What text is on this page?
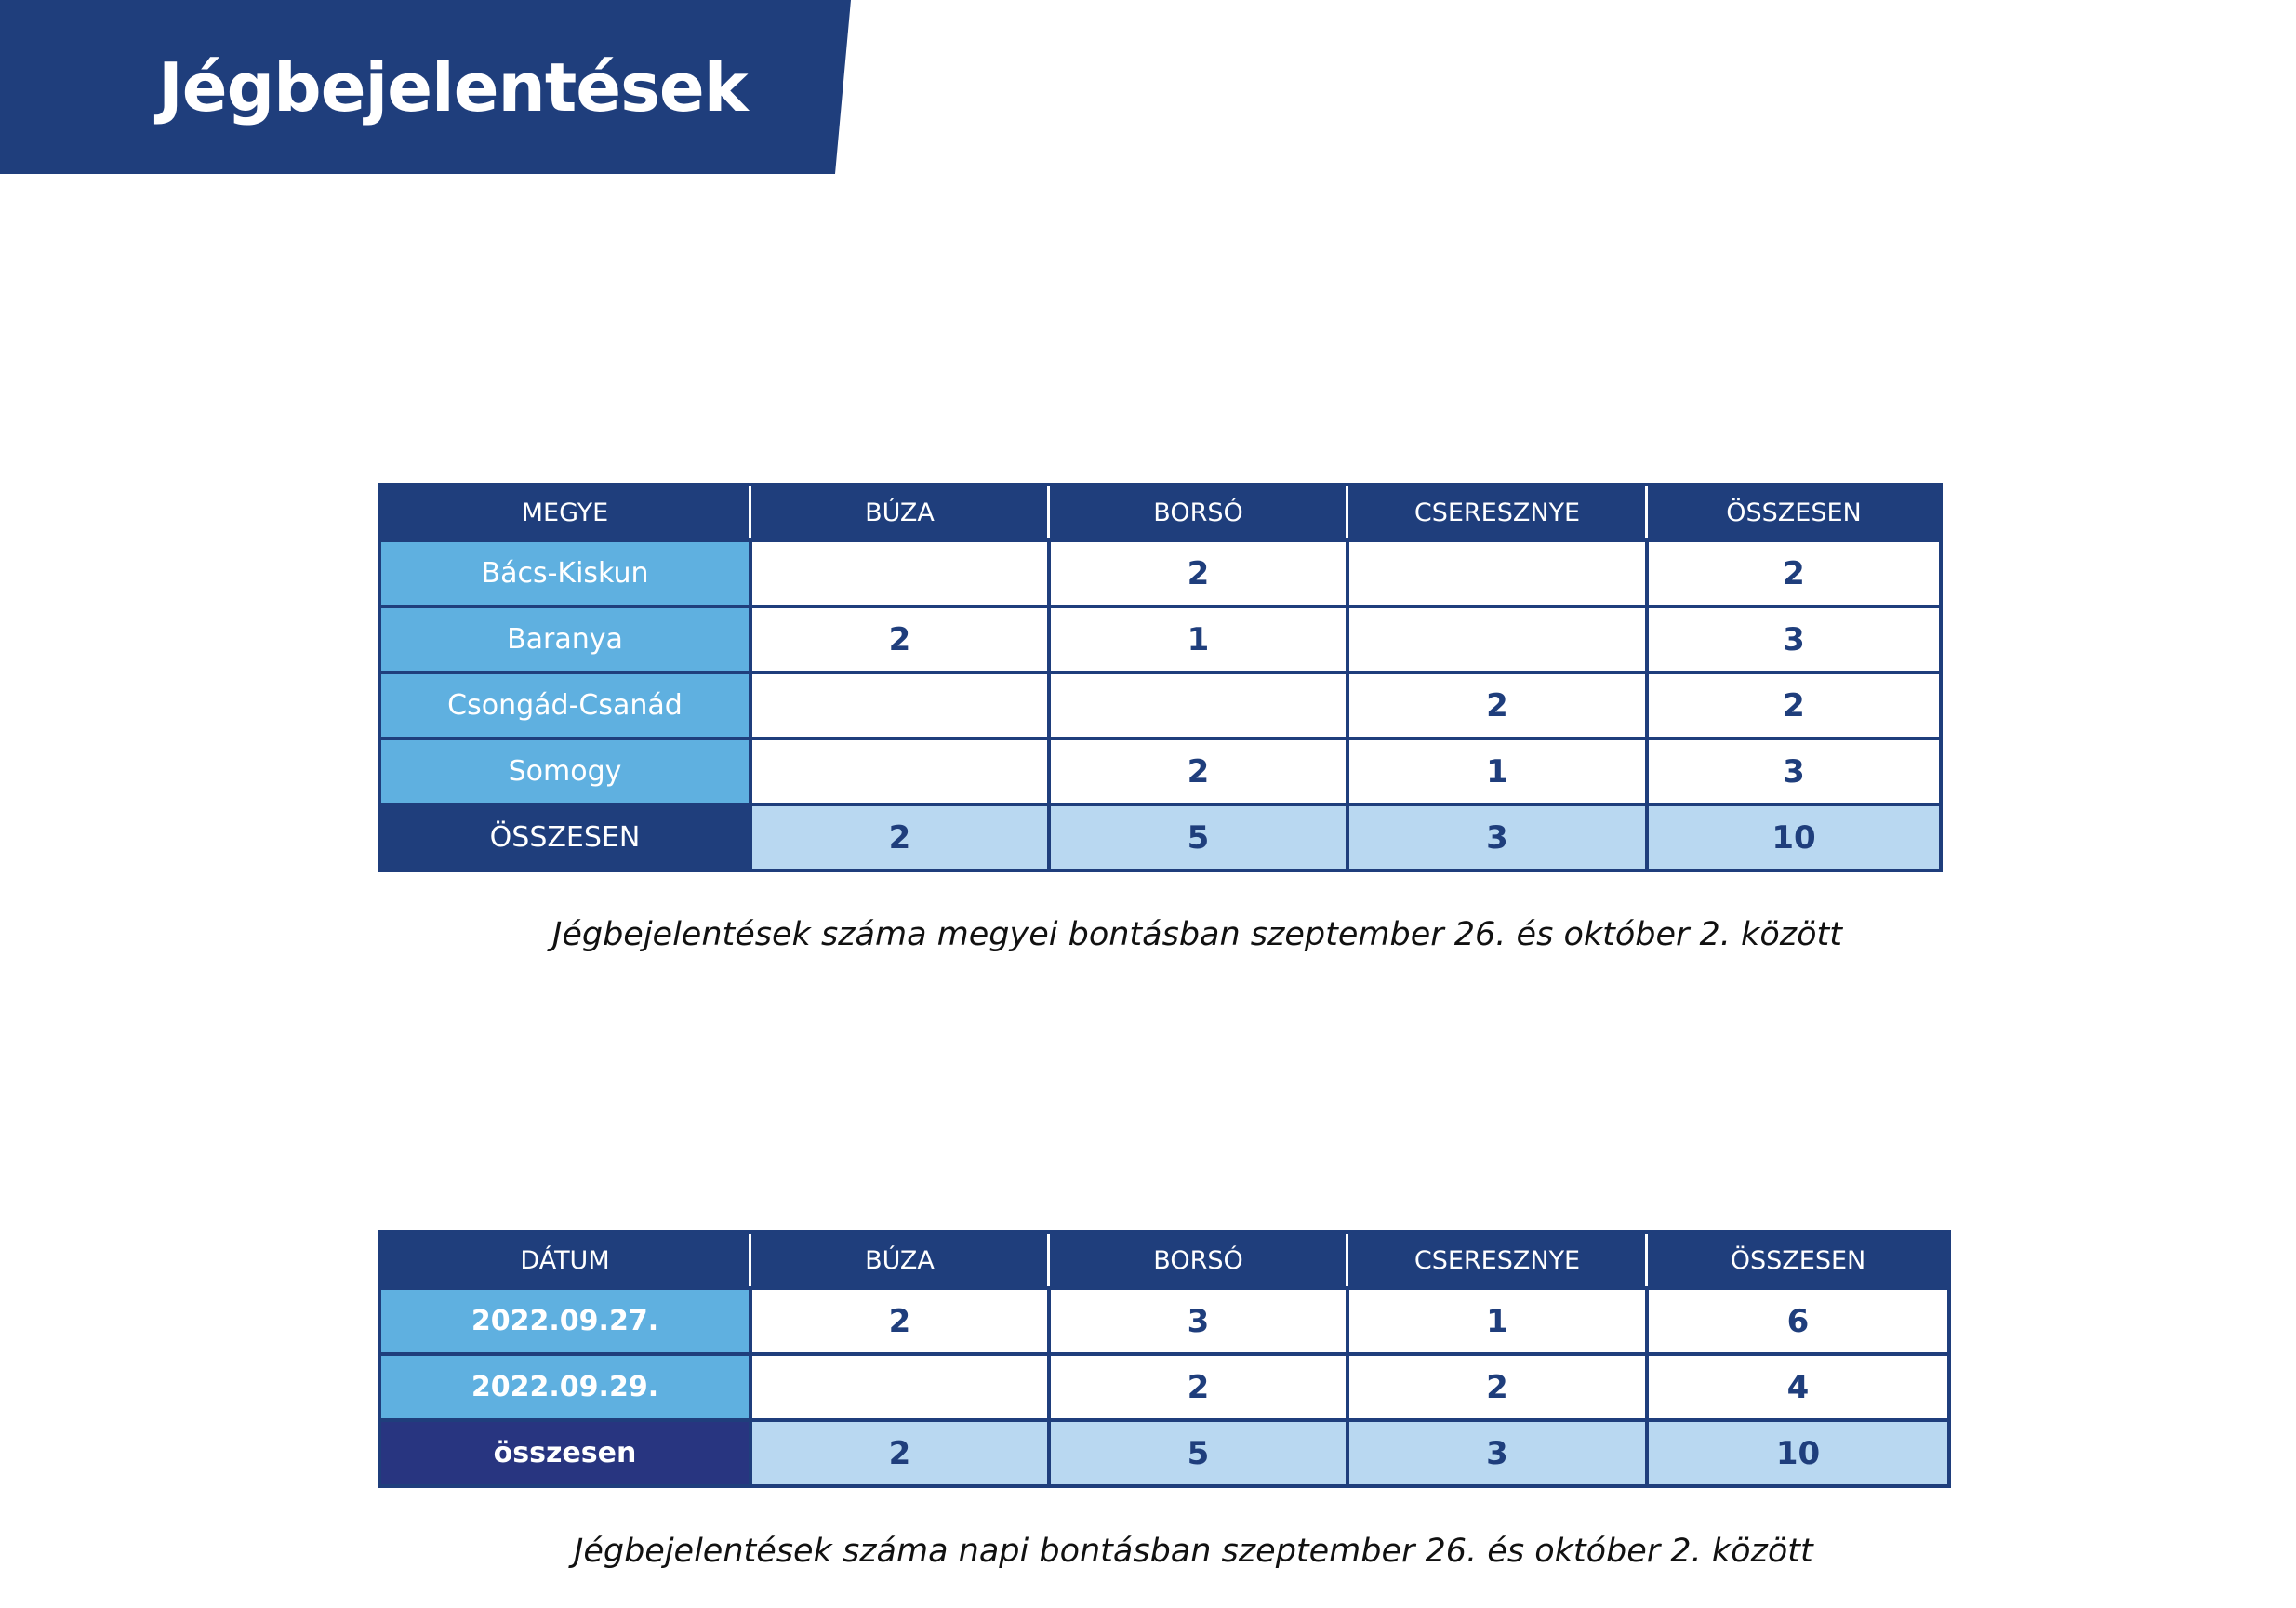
Jégbejelentések
MEGYE	BÚZA	BORSÓ	CSERESZNYE	ÖSSZESEN
Bács-Kiskun		2		2
Baranya	2	1		3
Csongád-Csanád			2	2
Somogy		2	1	3
ÖSSZESEN	2	5	3	10

Jégbejelentések száma megyei bontásban szeptember 26. és október 2. között

DÁTUM	BÚZA	BORSÓ	CSERESZNYE	ÖSSZESEN
2022.09.27.	2	3	1	6
2022.09.29.		2	2	4
összesen	2	5	3	10

Jégbejelentések száma napi bontásban szeptember 26. és október 2. között
